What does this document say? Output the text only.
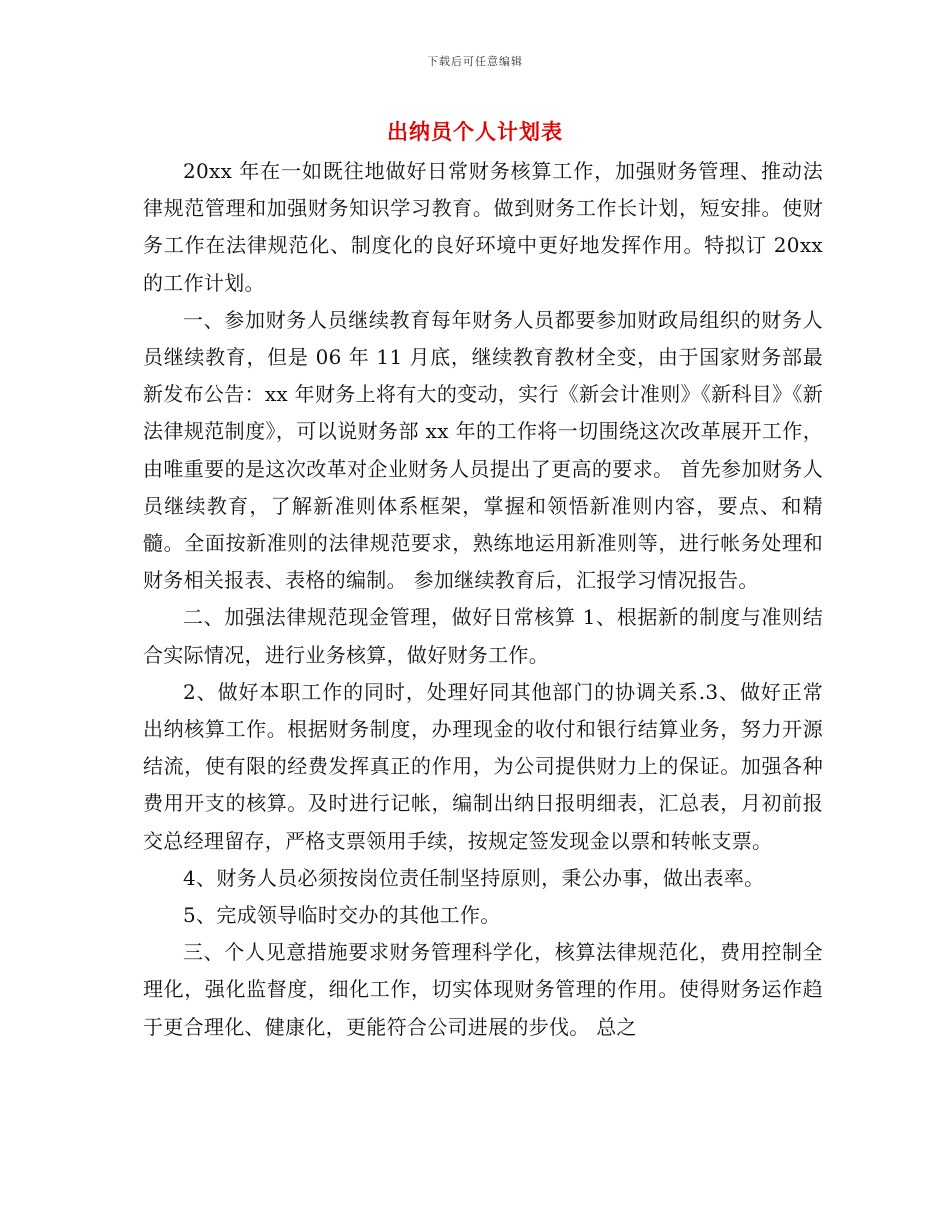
下载后可任意编辑
出纳员个人计划表

20xx 年在一如既往地做好日常财务核算工作，加强财务管理、推动法律规范管理和加强财务知识学习教育。做到财务工作长计划，短安排。使财务工作在法律规范化、制度化的良好环境中更好地发挥作用。特拟订 20xx 的工作计划。

一、参加财务人员继续教育每年财务人员都要参加财政局组织的财务人员继续教育，但是 06 年 11 月底，继续教育教材全变，由于国家财务部最新发布公告：xx 年财务上将有大的变动，实行《新会计准则》《新科目》《新法律规范制度》，可以说财务部 xx 年的工作将一切围绕这次改革展开工作，由唯重要的是这次改革对企业财务人员提出了更高的要求。 首先参加财务人员继续教育，了解新准则体系框架，掌握和领悟新准则内容，要点、和精髓。全面按新准则的法律规范要求，熟练地运用新准则等，进行帐务处理和财务相关报表、表格的编制。 参加继续教育后，汇报学习情况报告。

二、加强法律规范现金管理，做好日常核算 1、根据新的制度与准则结合实际情况，进行业务核算，做好财务工作。

2、做好本职工作的同时，处理好同其他部门的协调关系.3、做好正常出纳核算工作。根据财务制度，办理现金的收付和银行结算业务，努力开源结流，使有限的经费发挥真正的作用，为公司提供财力上的保证。加强各种费用开支的核算。及时进行记帐，编制出纳日报明细表，汇总表，月初前报交总经理留存，严格支票领用手续，按规定签发现金以票和转帐支票。

4、财务人员必须按岗位责任制坚持原则，秉公办事，做出表率。

5、完成领导临时交办的其他工作。

三、个人见意措施要求财务管理科学化，核算法律规范化，费用控制全理化，强化监督度，细化工作，切实体现财务管理的作用。使得财务运作趋于更合理化、健康化，更能符合公司进展的步伐。 总之
